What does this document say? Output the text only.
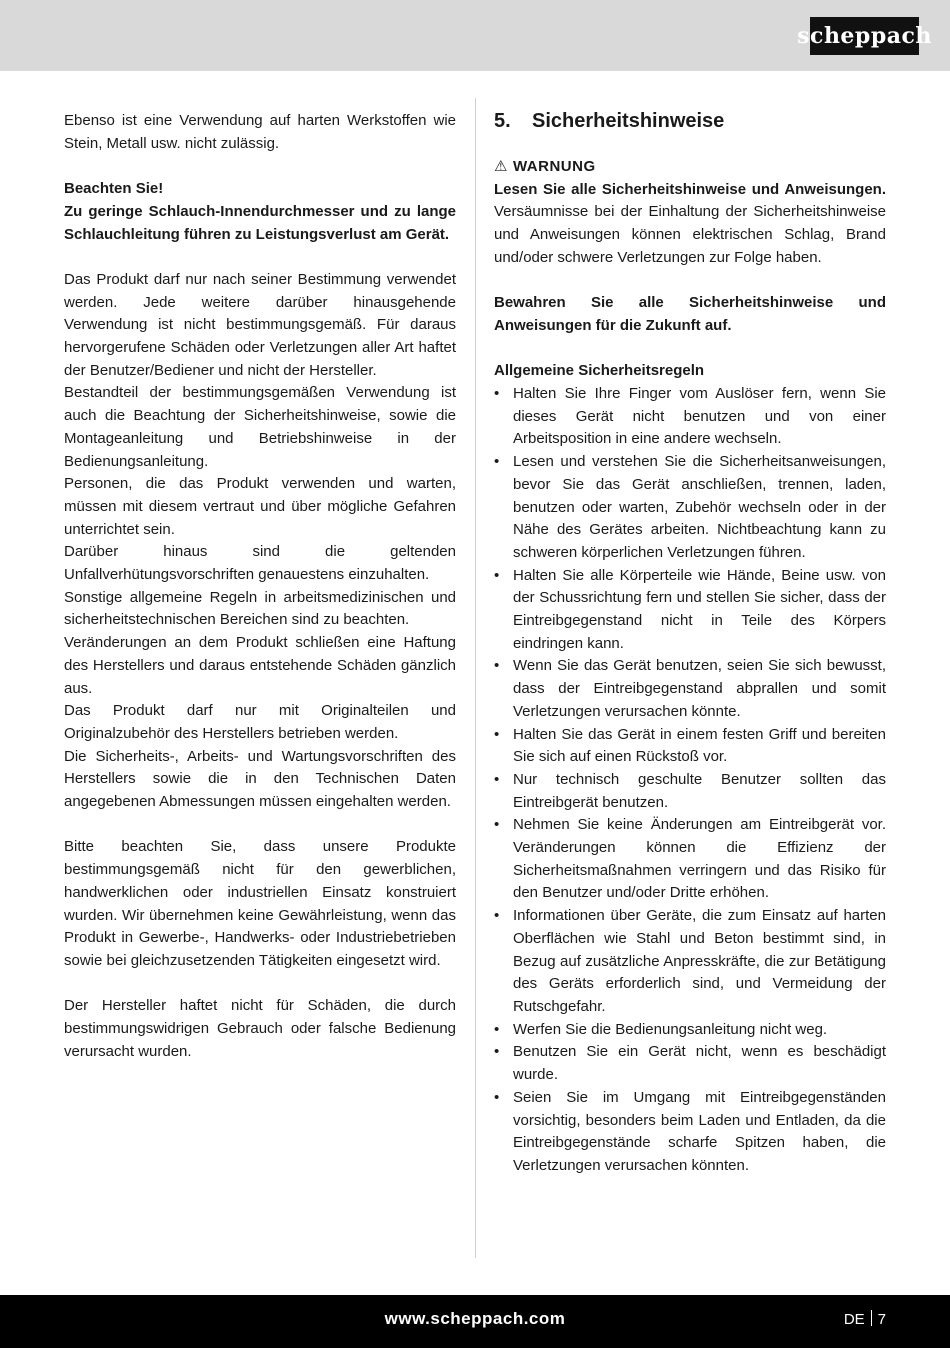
scheppach

Ebenso ist eine Verwendung auf harten Werkstoffen wie Stein, Metall usw. nicht zulässig.

Beachten Sie!

Zu geringe Schlauch-Innendurchmesser und zu lange Schlauchleitung führen zu Leistungsverlust am Gerät.

Das Produkt darf nur nach seiner Bestimmung verwendet werden. Jede weitere darüber hinausgehende Verwendung ist nicht bestimmungsgemäß. Für daraus hervorgerufene Schäden oder Verletzungen aller Art haftet der Benutzer/Bediener und nicht der Hersteller.

Bestandteil der bestimmungsgemäßen Verwendung ist auch die Beachtung der Sicherheitshinweise, sowie die Montageanleitung und Betriebshinweise in der Bedienungsanleitung.

Personen, die das Produkt verwenden und warten, müssen mit diesem vertraut und über mögliche Gefahren unterrichtet sein.

Darüber hinaus sind die geltenden Unfallverhütungsvorschriften genauestens einzuhalten.

Sonstige allgemeine Regeln in arbeitsmedizinischen und sicherheitstechnischen Bereichen sind zu beachten.

Veränderungen an dem Produkt schließen eine Haftung des Herstellers und daraus entstehende Schäden gänzlich aus.

Das Produkt darf nur mit Originalteilen und Originalzubehör des Herstellers betrieben werden.

Die Sicherheits-, Arbeits- und Wartungsvorschriften des Herstellers sowie die in den Technischen Daten angegebenen Abmessungen müssen eingehalten werden.

Bitte beachten Sie, dass unsere Produkte bestimmungsgemäß nicht für den gewerblichen, handwerklichen oder industriellen Einsatz konstruiert wurden. Wir übernehmen keine Gewährleistung, wenn das Produkt in Gewerbe-, Handwerks- oder Industriebetrieben sowie bei gleichzusetzenden Tätigkeiten eingesetzt wird.

Der Hersteller haftet nicht für Schäden, die durch bestimmungswidrigen Gebrauch oder falsche Bedienung verursacht wurden.

5. Sicherheitshinweise
⚠ WARNUNG

Lesen Sie alle Sicherheitshinweise und Anweisungen. Versäumnisse bei der Einhaltung der Sicherheitshinweise und Anweisungen können elektrischen Schlag, Brand und/oder schwere Verletzungen zur Folge haben.

Bewahren Sie alle Sicherheitshinweise und Anweisungen für die Zukunft auf.

Allgemeine Sicherheitsregeln

• Halten Sie Ihre Finger vom Auslöser fern, wenn Sie dieses Gerät nicht benutzen und von einer Arbeitsposition in eine andere wechseln.
• Lesen und verstehen Sie die Sicherheitsanweisungen, bevor Sie das Gerät anschließen, trennen, laden, benutzen oder warten, Zubehör wechseln oder in der Nähe des Gerätes arbeiten. Nichtbeachtung kann zu schweren körperlichen Verletzungen führen.
• Halten Sie alle Körperteile wie Hände, Beine usw. von der Schussrichtung fern und stellen Sie sicher, dass der Eintreibgegenstand nicht in Teile des Körpers eindringen kann.
• Wenn Sie das Gerät benutzen, seien Sie sich bewusst, dass der Eintreibgegenstand abprallen und somit Verletzungen verursachen könnte.
• Halten Sie das Gerät in einem festen Griff und bereiten Sie sich auf einen Rückstoß vor.
• Nur technisch geschulte Benutzer sollten das Eintreibgerät benutzen.
• Nehmen Sie keine Änderungen am Eintreibgerät vor. Veränderungen können die Effizienz der Sicherheitsmaßnahmen verringern und das Risiko für den Benutzer und/oder Dritte erhöhen.
• Informationen über Geräte, die zum Einsatz auf harten Oberflächen wie Stahl und Beton bestimmt sind, in Bezug auf zusätzliche Anpresskräfte, die zur Betätigung des Geräts erforderlich sind, und Vermeidung der Rutschgefahr.
• Werfen Sie die Bedienungsanleitung nicht weg.
• Benutzen Sie ein Gerät nicht, wenn es beschädigt wurde.
• Seien Sie im Umgang mit Eintreibgegenständen vorsichtig, besonders beim Laden und Entladen, da die Eintreibgegenstände scharfe Spitzen haben, die Verletzungen verursachen könnten.
www.scheppach.com	DE 7
